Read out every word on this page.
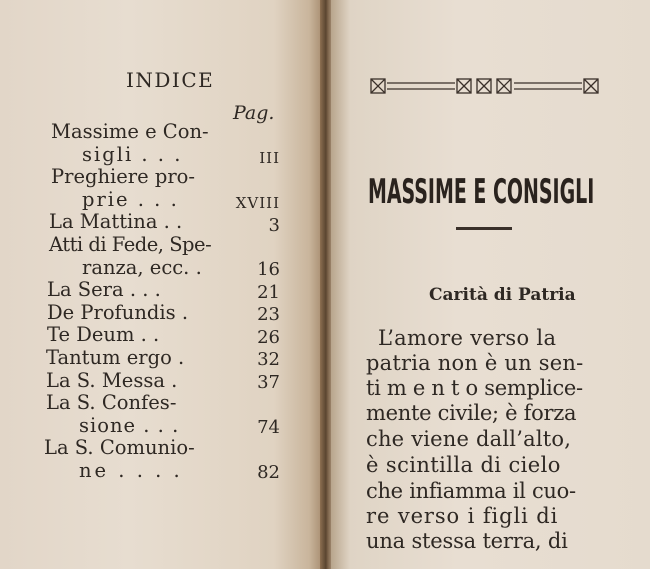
INDICE

Pag.

Massime e Con-

sigli . . .

Preghiere pro-

prie . . .

La Mattina . .

Atti di Fede, Spe-

ranza, ecc. .

La Sera . . .

De Profundis .

Te Deum . .

Tantum ergo .

La S. Messa .

La S. Confes-

sione . . .

La S. Comunio-

ne . . . .

III

XVIII

3

16

21

23

26

32

37

74

82

MASSIME E CONSIGLI

Carità di Patria

L’amore verso la

patria non è un sen-

ti m e n t o semplice-

mente civile; è forza

che viene dall’alto,

è scintilla di cielo

che infiamma il cuo-

re verso i figli di

una stessa terra, di
